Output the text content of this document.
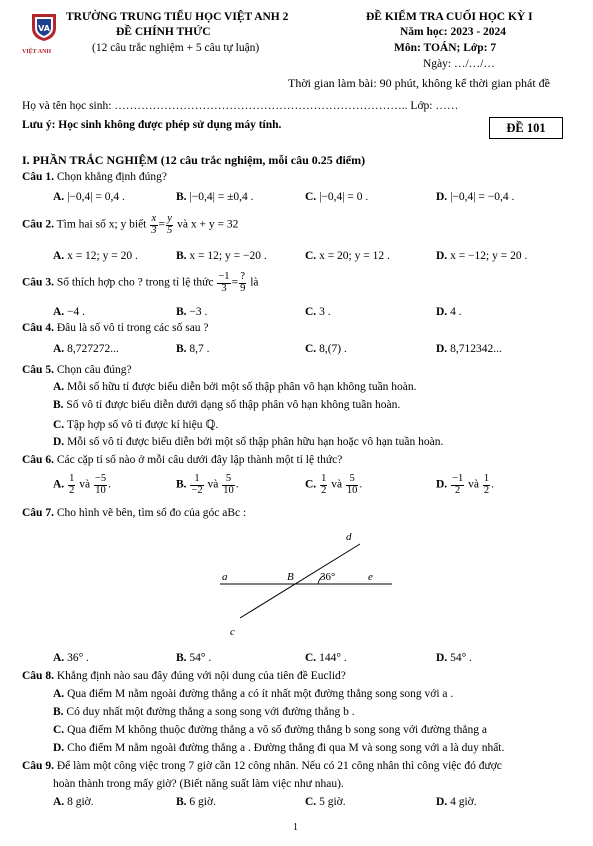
VA
VIỆT ANH
TRƯỜNG TRUNG TIỂU HỌC VIỆT ANH 2
ĐỀ CHÍNH THỨC
(12 câu trắc nghiệm + 5 câu tự luận)
ĐỀ KIỂM TRA CUỐI HỌC KỲ I
Năm học: 2023 - 2024
Môn: TOÁN; Lớp: 7
Ngày: …/…/…
Thời gian làm bài: 90 phút, không kể thời gian phát đề
Họ và tên học sinh: ………………………………………………………………….. Lớp: ……
Lưu ý: Học sinh không được phép sử dụng máy tính.	ĐỀ 101
I. PHẦN TRẮC NGHIỆM (12 câu trắc nghiệm, mỗi câu 0.25 điểm)
Câu 1. Chọn khẳng định đúng?
A. |−0,4| = 0,4 .	B. |−0,4| = ±0,4 .	C. |−0,4| = 0 .	D. |−0,4| = −0,4 .
Câu 2. Tìm hai số x; y biết $\frac{x}{3} = \frac{y}{5}$ và x + y = 32
A. x = 12; y = 20 .	B. x = 12; y = −20 .	C. x = 20; y = 12 .	D. x = −12; y = 20 .
Câu 3. Số thích hợp cho ? trong tỉ lệ thức $\frac{-1}{3} = \frac{?}{9}$ là
A. −4 .	B. −3 .	C. 3 .	D. 4 .
Câu 4. Đâu là số vô tỉ trong các số sau ?
A. 8,727272...	B. 8,7 .	C. 8,(7) .	D. 8,712342...
Câu 5. Chọn câu đúng?
A. Mỗi số hữu tỉ được biểu diễn bởi một số thập phân vô hạn không tuần hoàn.
B. Số vô tỉ được biểu diễn dưới dạng số thập phân vô hạn không tuần hoàn.
C. Tập hợp số vô tỉ được kí hiệu ℚ.
D. Mỗi số vô tỉ được biểu diễn bởi một số thập phân hữu hạn hoặc vô hạn tuần hoàn.
Câu 6. Các cặp tỉ số nào ở mỗi câu dưới đây lập thành một tỉ lệ thức?
A. $\frac{1}{2}$ và $\frac{-5}{10}$ .	B. $\frac{1}{-2}$ và $\frac{5}{10}$ .	C. $\frac{1}{2}$ và $\frac{5}{10}$ .	D. $\frac{-1}{2}$ và $\frac{1}{2}$ .
Câu 7. Cho hình vẽ bên, tìm số đo của góc aBc :
a	B 36°	e
d
c
A. 36° .	B. 54° .	C. 144° .	D. 54° .
Câu 8. Khẳng định nào sau đây đúng với nội dung của tiên đề Euclid?
A. Qua điểm M nằm ngoài đường thẳng a có ít nhất một đường thẳng song song với a .
B. Có duy nhất một đường thẳng a song song với đường thẳng b .
C. Qua điểm M không thuộc đường thẳng a vô số đường thẳng b song song với đường thẳng a
D. Cho điểm M nằm ngoài đường thẳng a . Đường thẳng đi qua M và song song với a là duy nhất.
Câu 9. Để làm một công việc trong 7 giờ cần 12 công nhân. Nếu có 21 công nhân thì công việc đó được
hoàn thành trong mấy giờ? (Biết năng suất làm việc như nhau).
A. 8 giờ.	B. 6 giờ.	C. 5 giờ.	D. 4 giờ.
1
